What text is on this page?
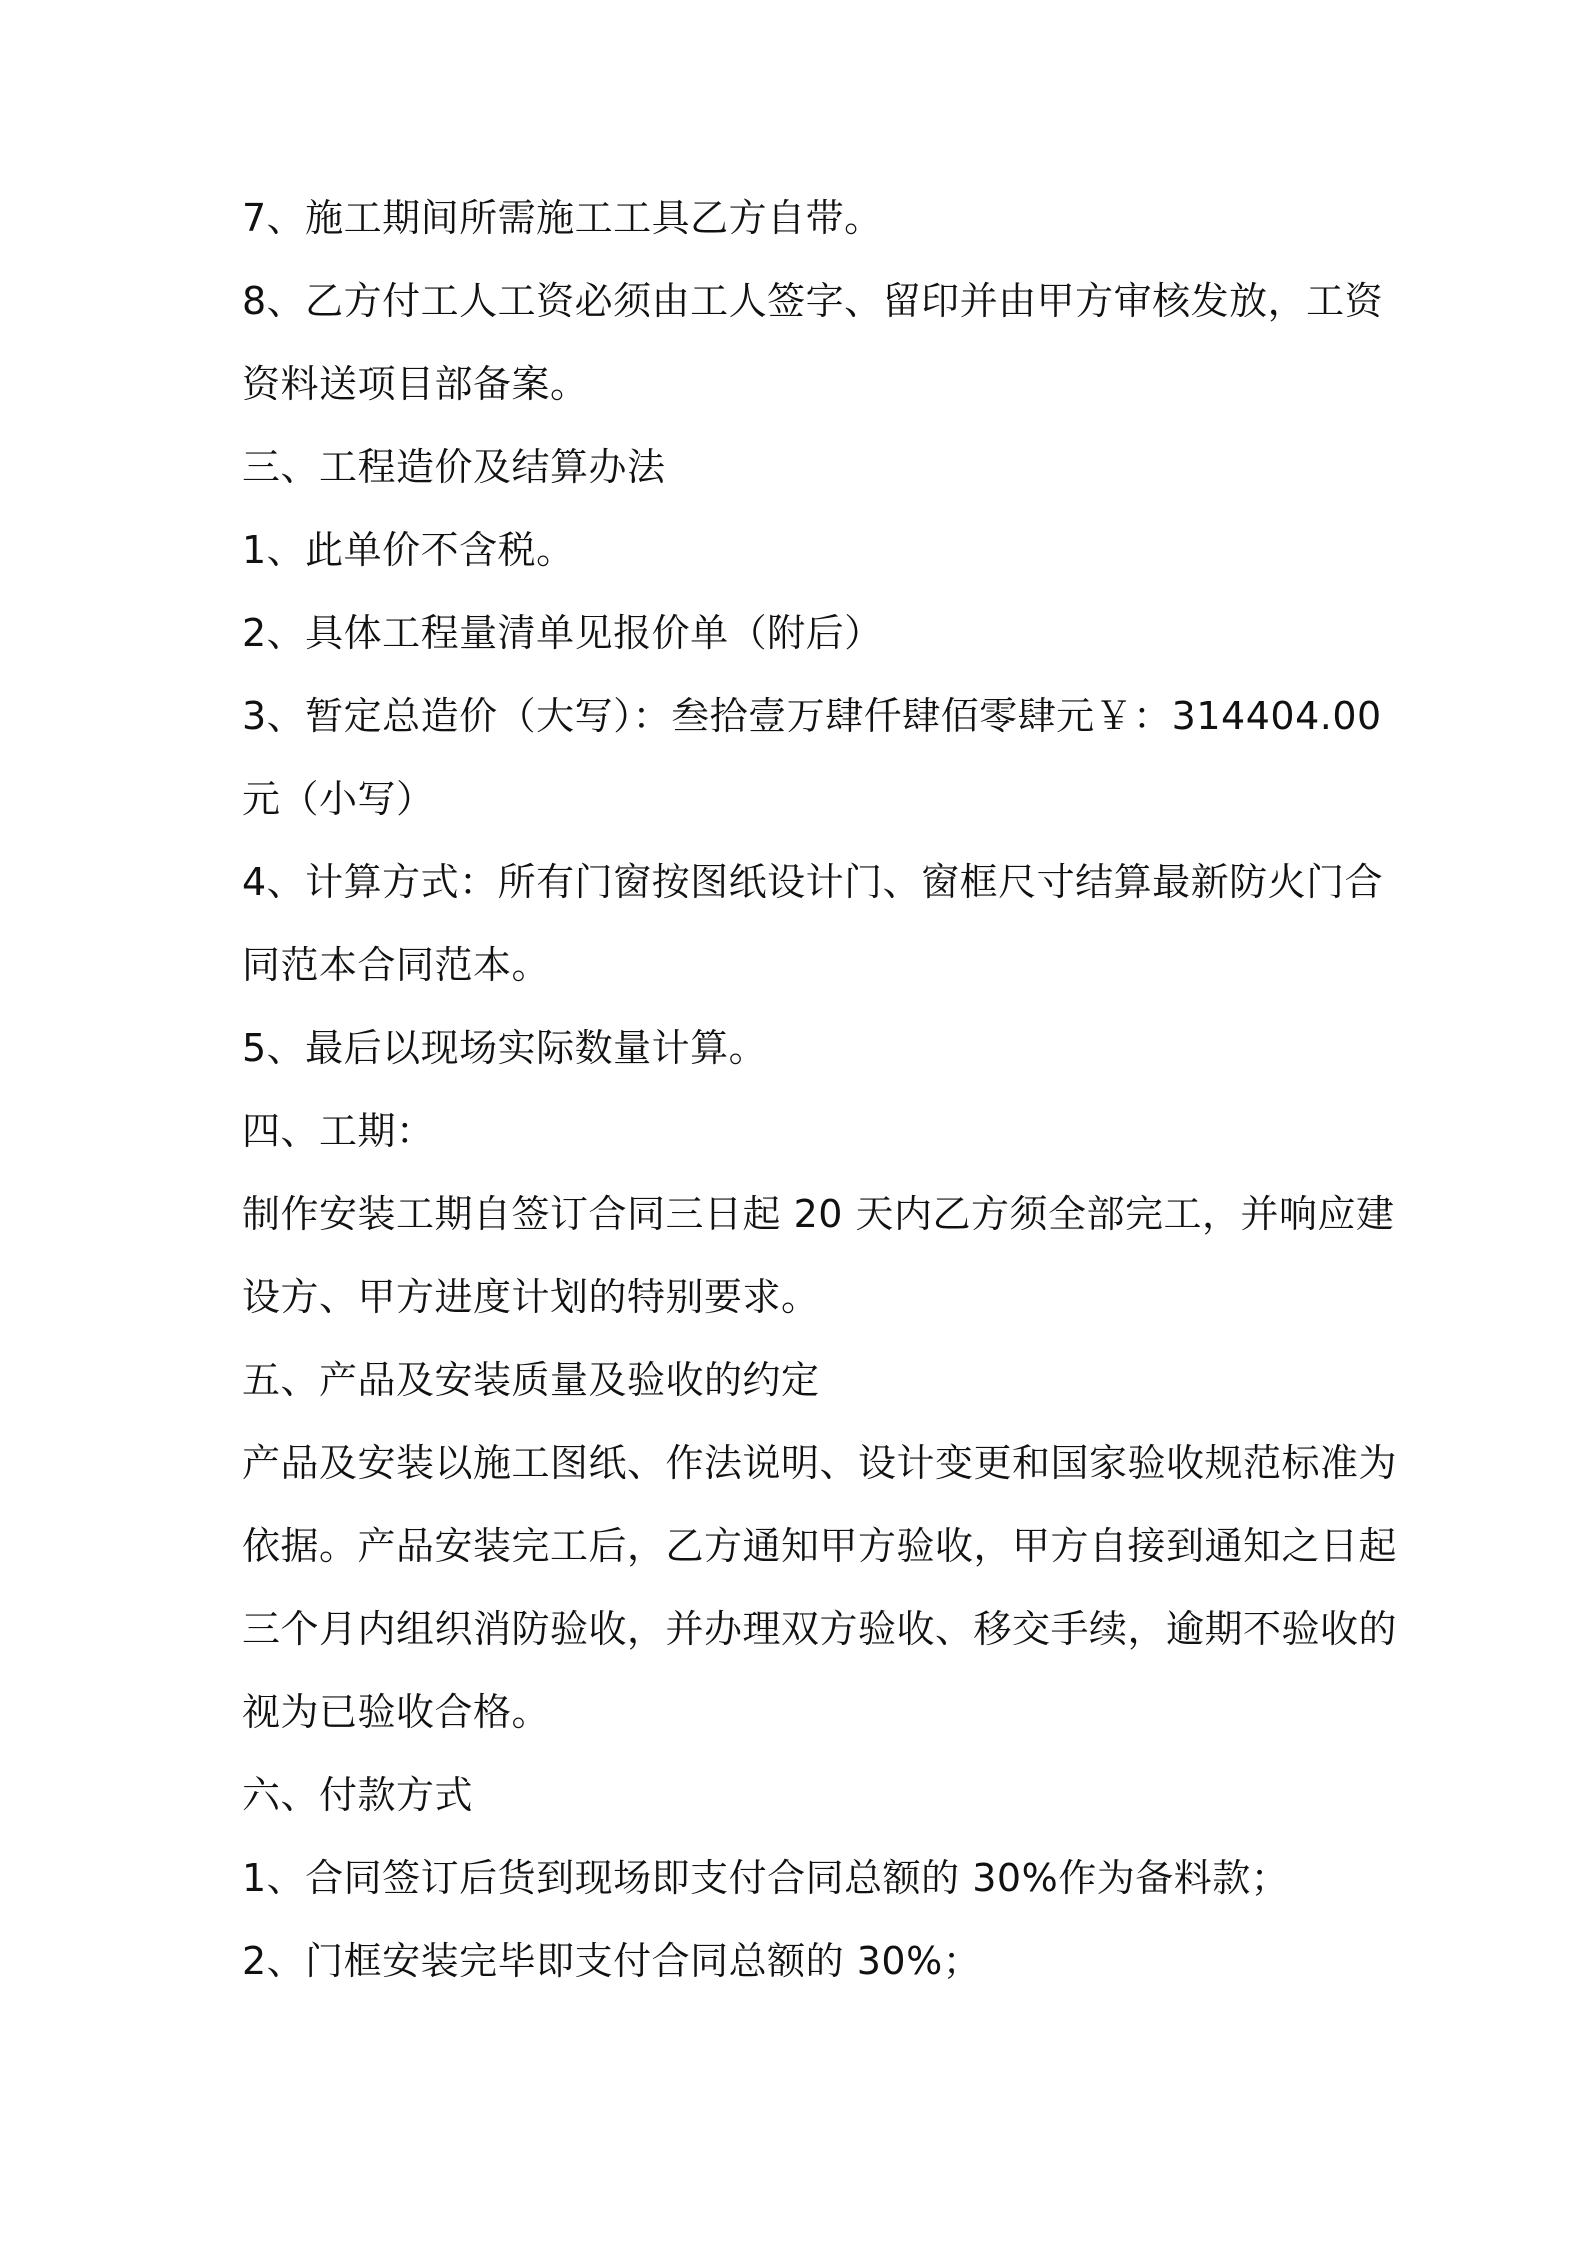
7、施工期间所需施工工具乙方自带。

8、乙方付工人工资必须由工人签字、留印并由甲方审核发放，工资

资料送项目部备案。

三、工程造价及结算办法

1、此单价不含税。

2、具体工程量清单见报价单（附后）

3、暂定总造价（大写）：叁拾壹万肆仟肆佰零肆元￥：314404.00

元（小写）

4、计算方式：所有门窗按图纸设计门、窗框尺寸结算最新防火门合

同范本合同范本。

5、最后以现场实际数量计算。

四、工期：

制作安装工期自签订合同三日起 20 天内乙方须全部完工，并响应建

设方、甲方进度计划的特别要求。

五、产品及安装质量及验收的约定

产品及安装以施工图纸、作法说明、设计变更和国家验收规范标准为

依据。产品安装完工后，乙方通知甲方验收，甲方自接到通知之日起

三个月内组织消防验收，并办理双方验收、移交手续，逾期不验收的

视为已验收合格。

六、付款方式

1、合同签订后货到现场即支付合同总额的 30%作为备料款；

2、门框安装完毕即支付合同总额的 30%；
